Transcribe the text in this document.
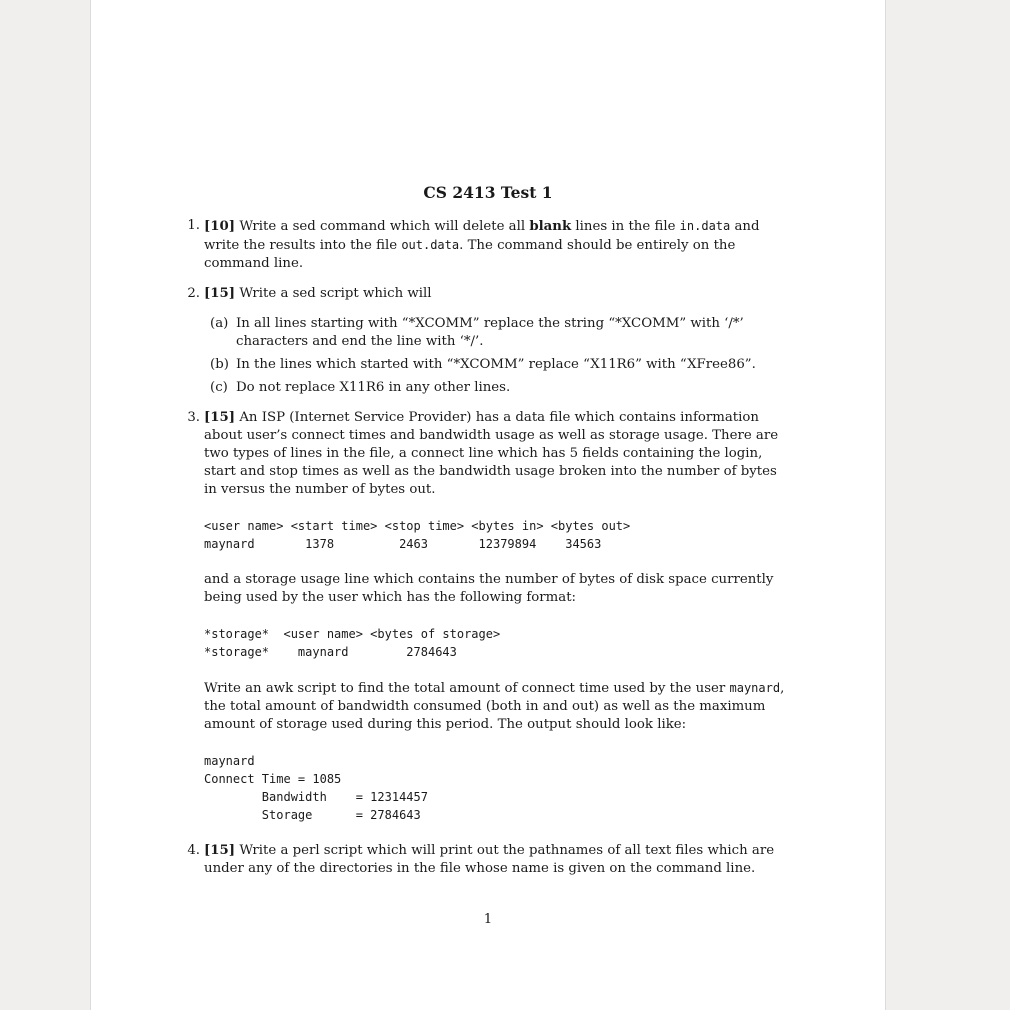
CS 2413 Test 1
1. [10] Write a sed command which will delete all blank lines in the file in.data and write the results into the file out.data. The command should be entirely on the command line.
2. [15] Write a sed script which will
(a) In all lines starting with “*XCOMM” replace the string “*XCOMM” with ‘/*’ characters and end the line with ‘*/’.
(b) In the lines which started with “*XCOMM” replace “X11R6” with “XFree86”.
(c) Do not replace X11R6 in any other lines.
3. [15] An ISP (Internet Service Provider) has a data file which contains information about user’s connect times and bandwidth usage as well as storage usage. There are two types of lines in the file, a connect line which has 5 fields containing the login, start and stop times as well as the bandwidth usage broken into the number of bytes in versus the number of bytes out.
<user name> <start time> <stop time> <bytes in> <bytes out>
maynard       1378         2463       12379894    34563
and a storage usage line which contains the number of bytes of disk space currently being used by the user which has the following format:
*storage*  <user name> <bytes of storage>
*storage*    maynard        2784643
Write an awk script to find the total amount of connect time used by the user maynard, the total amount of bandwidth consumed (both in and out) as well as the maximum amount of storage used during this period. The output should look like:
maynard
Connect Time = 1085
Bandwidth    = 12314457
Storage      = 2784643
4. [15] Write a perl script which will print out the pathnames of all text files which are under any of the directories in the file whose name is given on the command line.
1
